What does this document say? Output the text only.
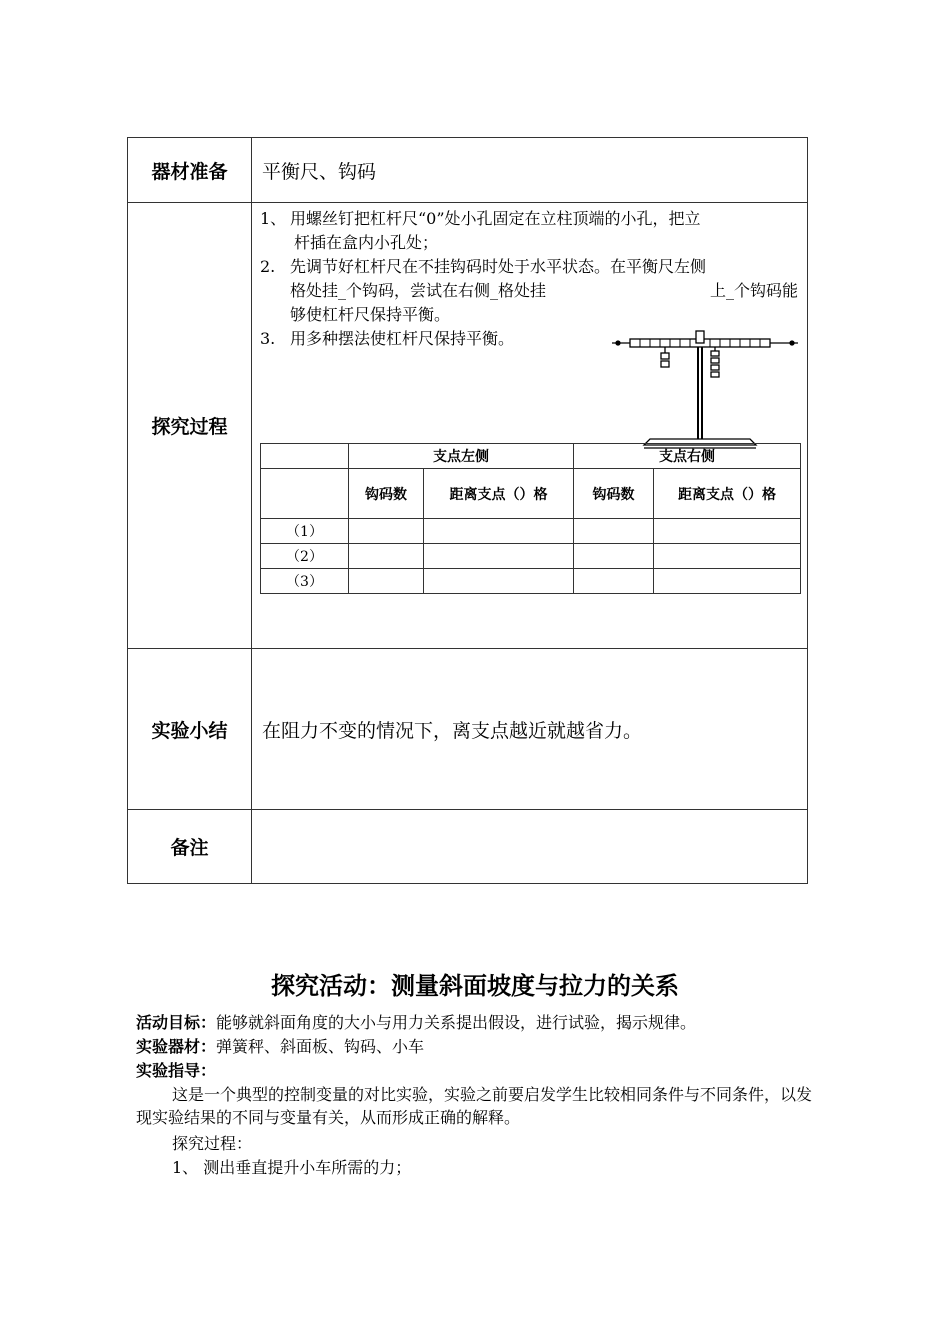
器材准备	平衡尺、钩码
探究过程	
1、 用螺丝钉把杠杆尺“0”处小孔固定在立柱顶端的小孔，把立
杆插在盒内小孔处；
2. 先调节好杠杆尺在不挂钩码时处于水平状态。在平衡尺左侧
格处挂_个钩码，尝试在右侧_格处挂	上_个钩码能
够使杠杆尺保持平衡。
3. 用多种摆法使杠杆尺保持平衡。
	支点左侧	支点右侧
	钩码数	距离支点（）格	钩码数	距离支点（）格
（1）				
（2）				
（3）				

实验小结	在阻力不变的情况下，离支点越近就越省力。
备注	
探究活动：测量斜面坡度与拉力的关系
活动目标：能够就斜面角度的大小与用力关系提出假设，进行试验，揭示规律。
实验器材：弹簧秤、斜面板、钩码、小车
实验指导：
这是一个典型的控制变量的对比实验，实验之前要启发学生比较相同条件与不同条件，以发现实验结果的不同与变量有关，从而形成正确的解释。
探究过程：
1、 测出垂直提升小车所需的力；
